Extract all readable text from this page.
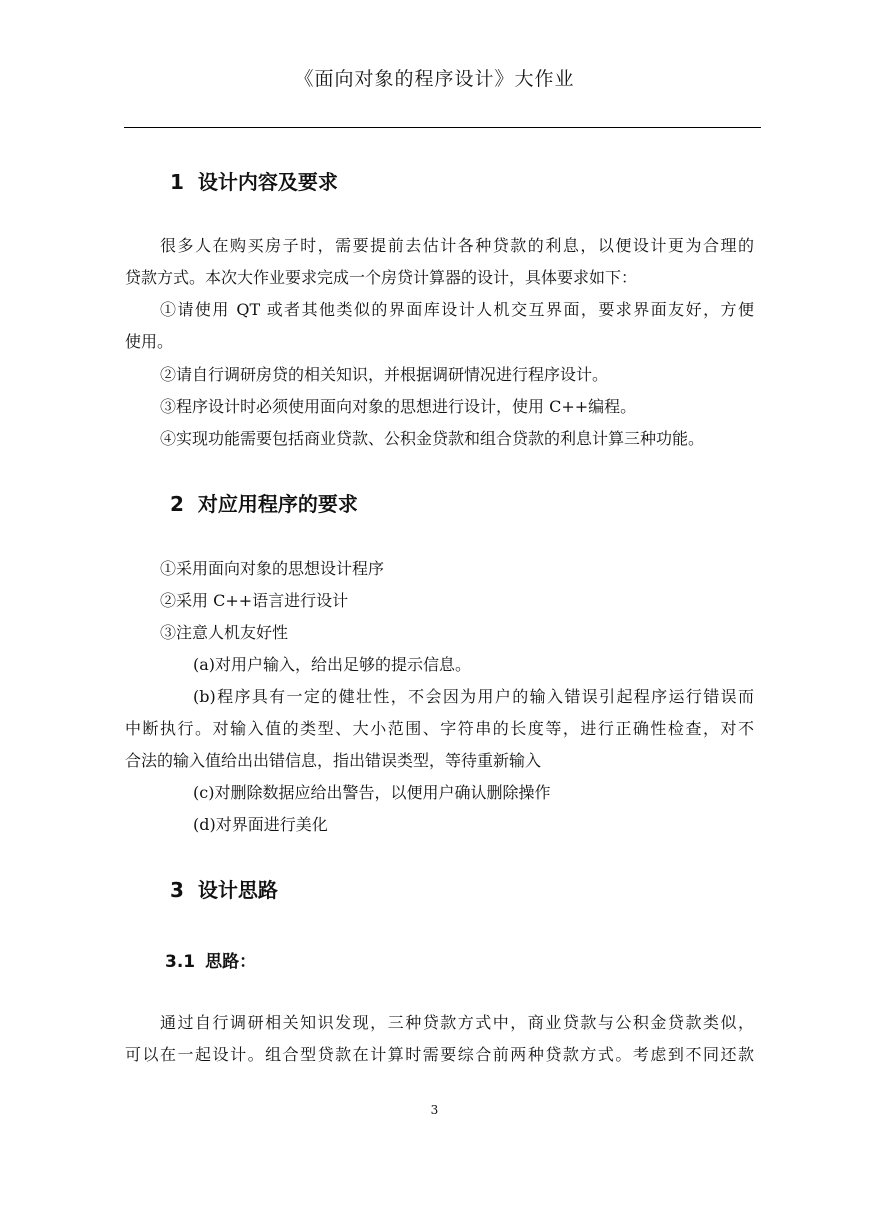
《面向对象的程序设计》大作业
1 设计内容及要求
很多人在购买房子时，需要提前去估计各种贷款的利息，以便设计更为合理的
贷款方式。本次大作业要求完成一个房贷计算器的设计，具体要求如下：
①请使用 QT 或者其他类似的界面库设计人机交互界面，要求界面友好，方便
使用。
②请自行调研房贷的相关知识，并根据调研情况进行程序设计。
③程序设计时必须使用面向对象的思想进行设计，使用 C++编程。
④实现功能需要包括商业贷款、公积金贷款和组合贷款的利息计算三种功能。
2 对应用程序的要求
①采用面向对象的思想设计程序
②采用 C++语言进行设计
③注意人机友好性
(a)对用户输入，给出足够的提示信息。
(b)程序具有一定的健壮性，不会因为用户的输入错误引起程序运行错误而
中断执行。对输入值的类型、大小范围、字符串的长度等，进行正确性检查，对不
合法的输入值给出出错信息，指出错误类型，等待重新输入
(c)对删除数据应给出警告，以便用户确认删除操作
(d)对界面进行美化
3 设计思路
3.1 思路：
通过自行调研相关知识发现，三种贷款方式中，商业贷款与公积金贷款类似，
可以在一起设计。组合型贷款在计算时需要综合前两种贷款方式。考虑到不同还款
3
